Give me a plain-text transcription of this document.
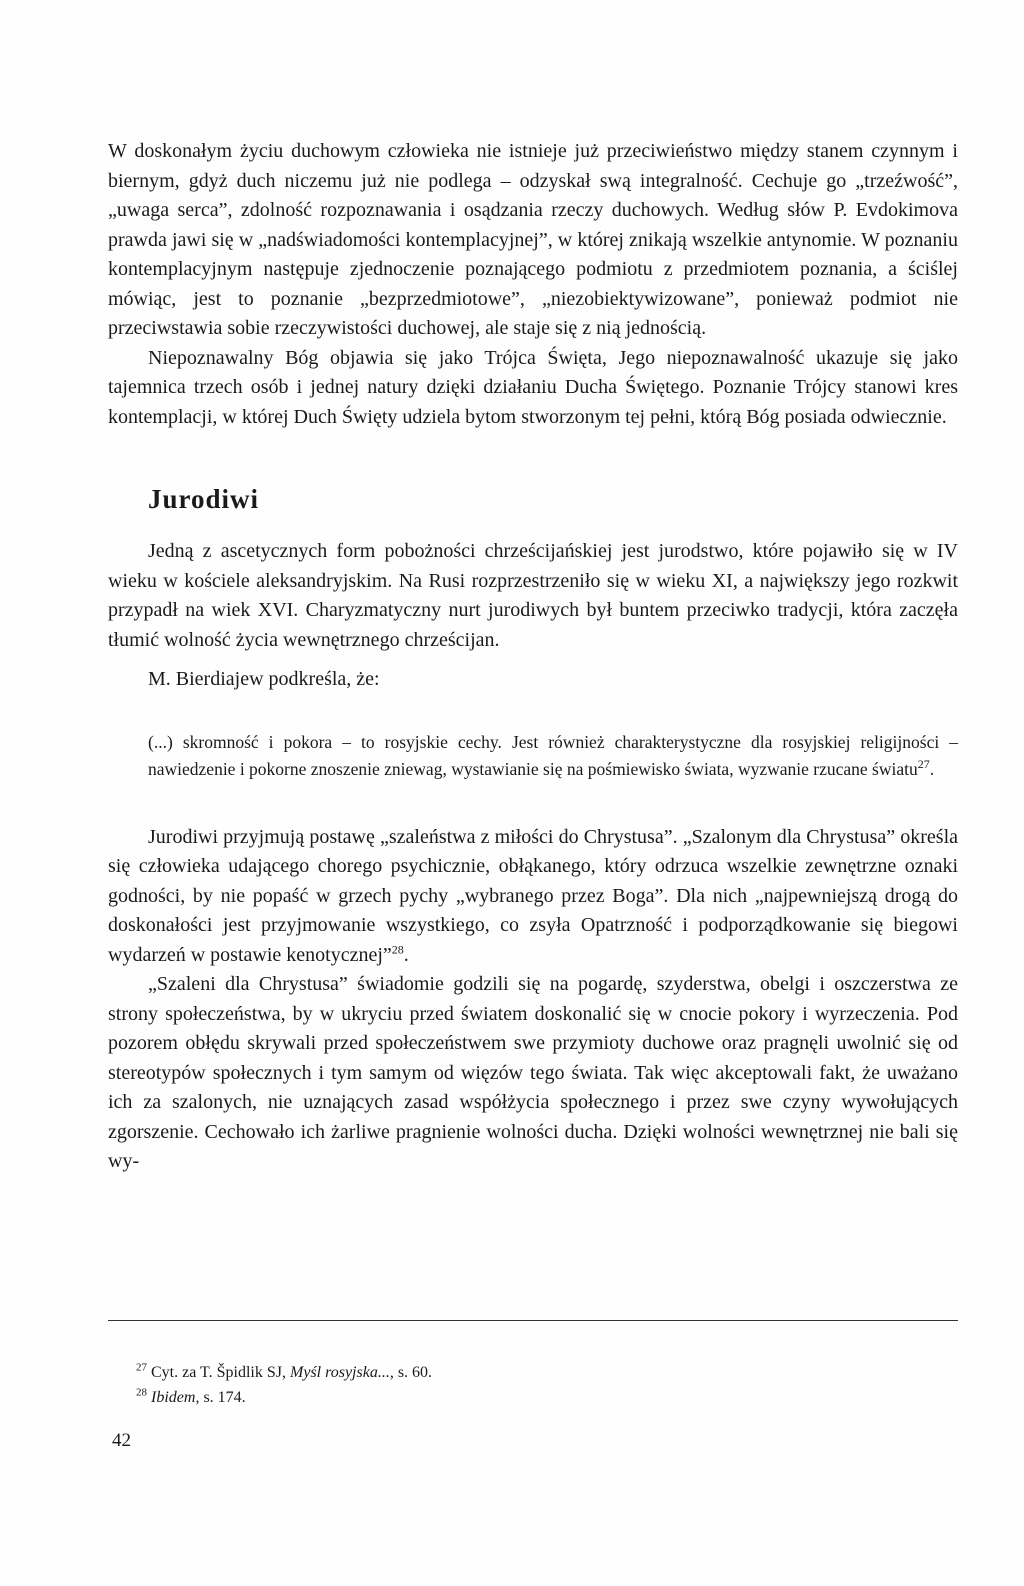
W doskonałym życiu duchowym człowieka nie istnieje już przeciwieństwo między stanem czynnym i biernym, gdyż duch niczemu już nie podlega – odzyskał swą integralność. Cechuje go „trzeźwość”, „uwaga serca”, zdolność rozpoznawania i osądzania rzeczy duchowych. Według słów P. Evdokimova prawda jawi się w „nadświadomości kontemplacyjnej”, w której znikają wszelkie antynomie. W poznaniu kontemplacyjnym następuje zjednoczenie poznającego podmiotu z przedmiotem poznania, a ściślej mówiąc, jest to poznanie „bezprzedmiotowe”, „niezobiektywizowane”, ponieważ podmiot nie przeciwstawia sobie rzeczywistości duchowej, ale staje się z nią jednością.

Niepoznawalny Bóg objawia się jako Trójca Święta, Jego niepoznawalność ukazuje się jako tajemnica trzech osób i jednej natury dzięki działaniu Ducha Świętego. Poznanie Trójcy stanowi kres kontemplacji, w której Duch Święty udziela bytom stworzonym tej pełni, którą Bóg posiada odwiecznie.

Jurodiwi

Jedną z ascetycznych form pobożności chrześcijańskiej jest jurodstwo, które pojawiło się w IV wieku w kościele aleksandryjskim. Na Rusi rozprzestrzeniło się w wieku XI, a największy jego rozkwit przypadł na wiek XVI. Charyzmatyczny nurt jurodiwych był buntem przeciwko tradycji, która zaczęła tłumić wolność życia wewnętrznego chrześcijan.

M. Bierdiajew podkreśla, że:

(...) skromność i pokora – to rosyjskie cechy. Jest również charakterystyczne dla rosyjskiej religijności – nawiedzenie i pokorne znoszenie zniewag, wystawianie się na pośmiewisko świata, wyzwanie rzucane światu$^{27}$.

Jurodiwi przyjmują postawę „szaleństwa z miłości do Chrystusa”. „Szalonym dla Chrystusa” określa się człowieka udającego chorego psychicznie, obłąkanego, który odrzuca wszelkie zewnętrzne oznaki godności, by nie popaść w grzech pychy „wybranego przez Boga”. Dla nich „najpewniejszą drogą do doskonałości jest przyjmowanie wszystkiego, co zsyła Opatrzność i podporządkowanie się biegowi wydarzeń w postawie kenotycznej”$^{28}$.

„Szaleni dla Chrystusa” świadomie godzili się na pogardę, szyderstwa, obelgi i oszczerstwa ze strony społeczeństwa, by w ukryciu przed światem doskonalić się w cnocie pokory i wyrzeczenia. Pod pozorem obłędu skrywali przed społeczeństwem swe przymioty duchowe oraz pragnęli uwolnić się od stereotypów społecznych i tym samym od więzów tego świata. Tak więc akceptowali fakt, że uważano ich za szalonych, nie uznających zasad współżycia społecznego i przez swe czyny wywołujących zgorszenie. Cechowało ich żarliwe pragnienie wolności ducha. Dzięki wolności wewnętrznej nie bali się wy-

$^{27}$ Cyt. za T. Špidlik SJ, Myśl rosyjska..., s. 60.
$^{28}$ Ibidem, s. 174.
42
